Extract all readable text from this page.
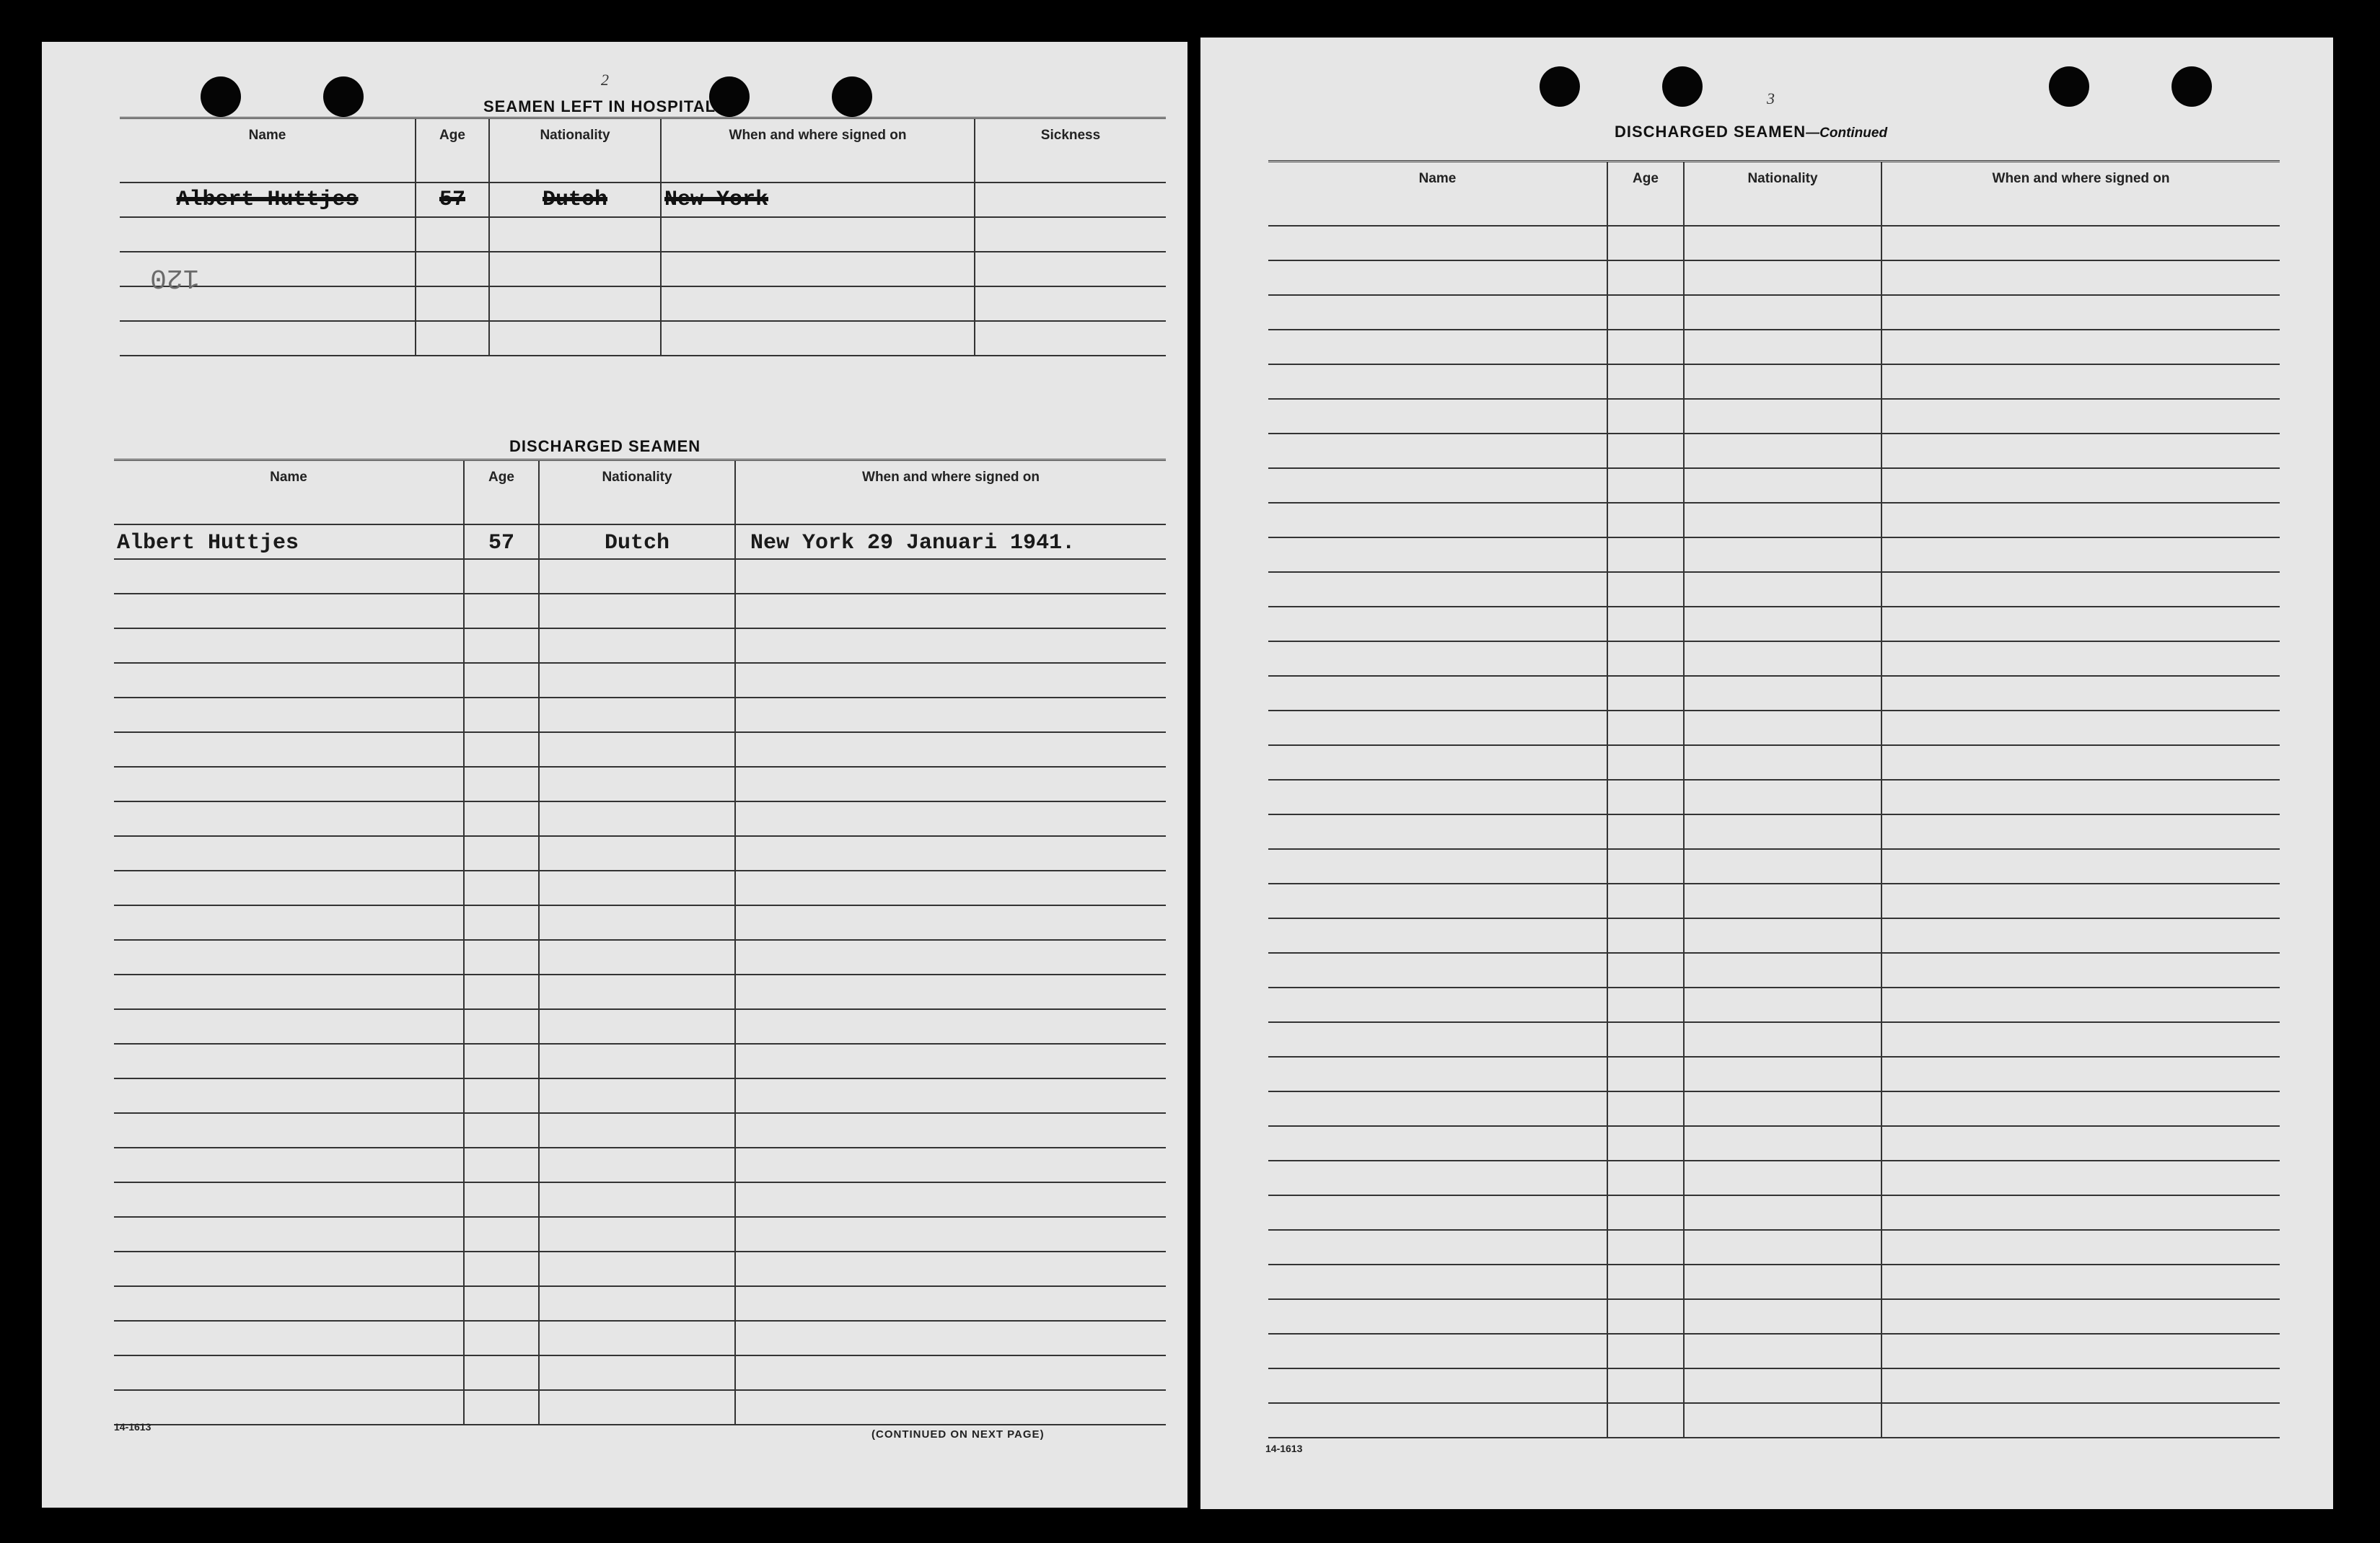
2
SEAMEN LEFT IN HOSPITAL
Name	Age	Nationality	When and where signed on	Sickness
Albert Huttjes	57	Dutch	New York	

120
DISCHARGED SEAMEN
Name	Age	Nationality	When and where signed on
Albert Huttjes	57	Dutch	New York 29 Januari 1941.

14-1613
(CONTINUED ON NEXT PAGE)
3
DISCHARGED SEAMEN—Continued
Name	Age	Nationality	When and where signed on

14-1613
